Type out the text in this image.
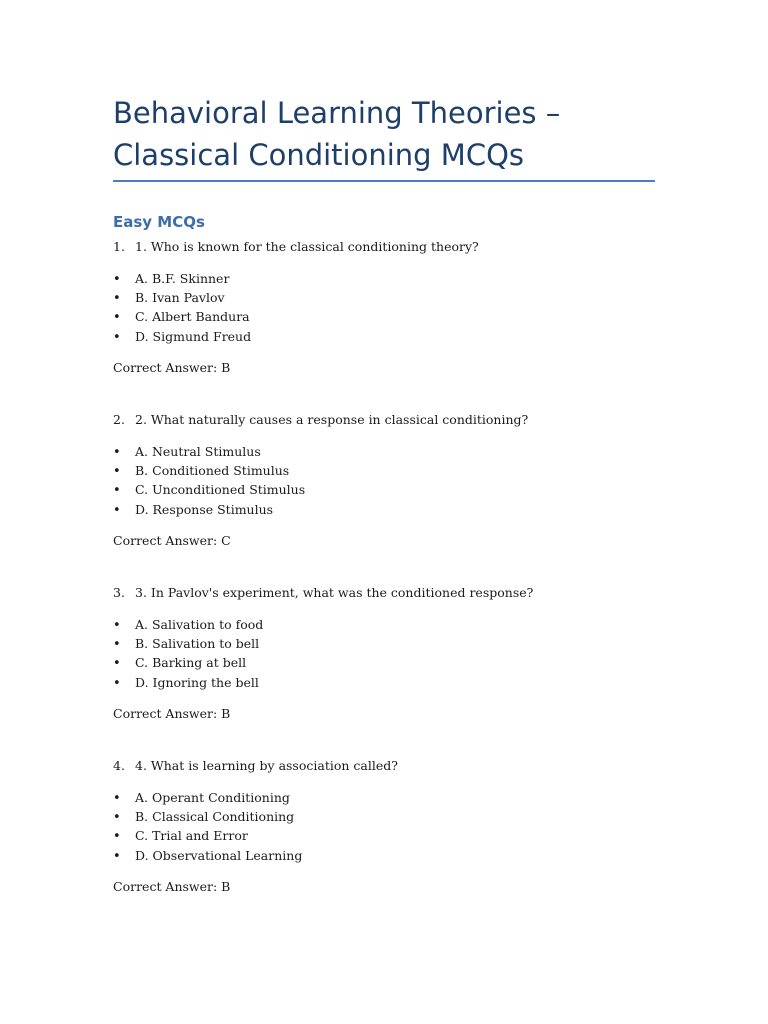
Behavioral Learning Theories – Classical Conditioning MCQs
Easy MCQs
1. 1. Who is known for the classical conditioning theory?
• A. B.F. Skinner
• B. Ivan Pavlov
• C. Albert Bandura
• D. Sigmund Freud
Correct Answer: B
2. 2. What naturally causes a response in classical conditioning?
• A. Neutral Stimulus
• B. Conditioned Stimulus
• C. Unconditioned Stimulus
• D. Response Stimulus
Correct Answer: C
3. 3. In Pavlov's experiment, what was the conditioned response?
• A. Salivation to food
• B. Salivation to bell
• C. Barking at bell
• D. Ignoring the bell
Correct Answer: B
4. 4. What is learning by association called?
• A. Operant Conditioning
• B. Classical Conditioning
• C. Trial and Error
• D. Observational Learning
Correct Answer: B
